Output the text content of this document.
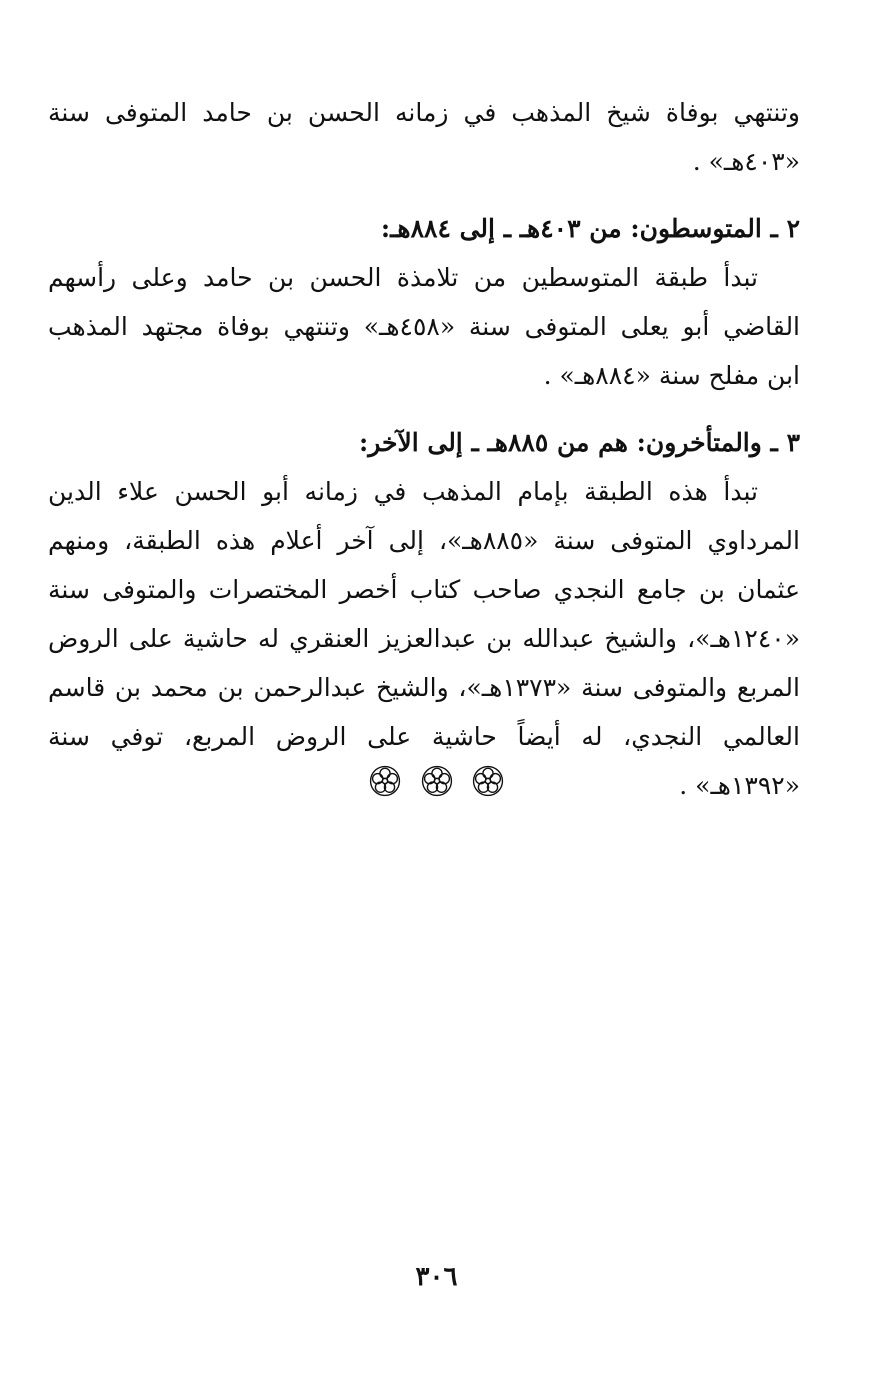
وتنتهي بوفاة شيخ المذهب في زمانه الحسن بن حامد المتوفى سنة
«٤٠٣هـ» .
٢ ـ المتوسطون: من ٤٠٣هـ ـ إلى ٨٨٤هـ:
تبدأ طبقة المتوسطين من تلامذة الحسن بن حامد وعلى رأسهم
القاضي أبو يعلى المتوفى سنة «٤٥٨هـ» وتنتهي بوفاة مجتهد المذهب
ابن مفلح سنة «٨٨٤هـ» .
٣ ـ والمتأخرون: هم من ٨٨٥هـ ـ إلى الآخر:
تبدأ هذه الطبقة بإمام المذهب في زمانه أبو الحسن علاء الدين
المرداوي المتوفى سنة «٨٨٥هـ»، إلى آخر أعلام هذه الطبقة، ومنهم
عثمان بن جامع النجدي صاحب كتاب أخصر المختصرات والمتوفى سنة
«١٢٤٠هـ»، والشيخ عبدالله بن عبدالعزيز العنقري له حاشية على الروض
المربع والمتوفى سنة «١٣٧٣هـ»، والشيخ عبدالرحمن بن محمد بن قاسم
العالمي النجدي، له أيضاً حاشية على الروض المربع، توفي سنة
«١٣٩٢هـ» .

٣٠٦
